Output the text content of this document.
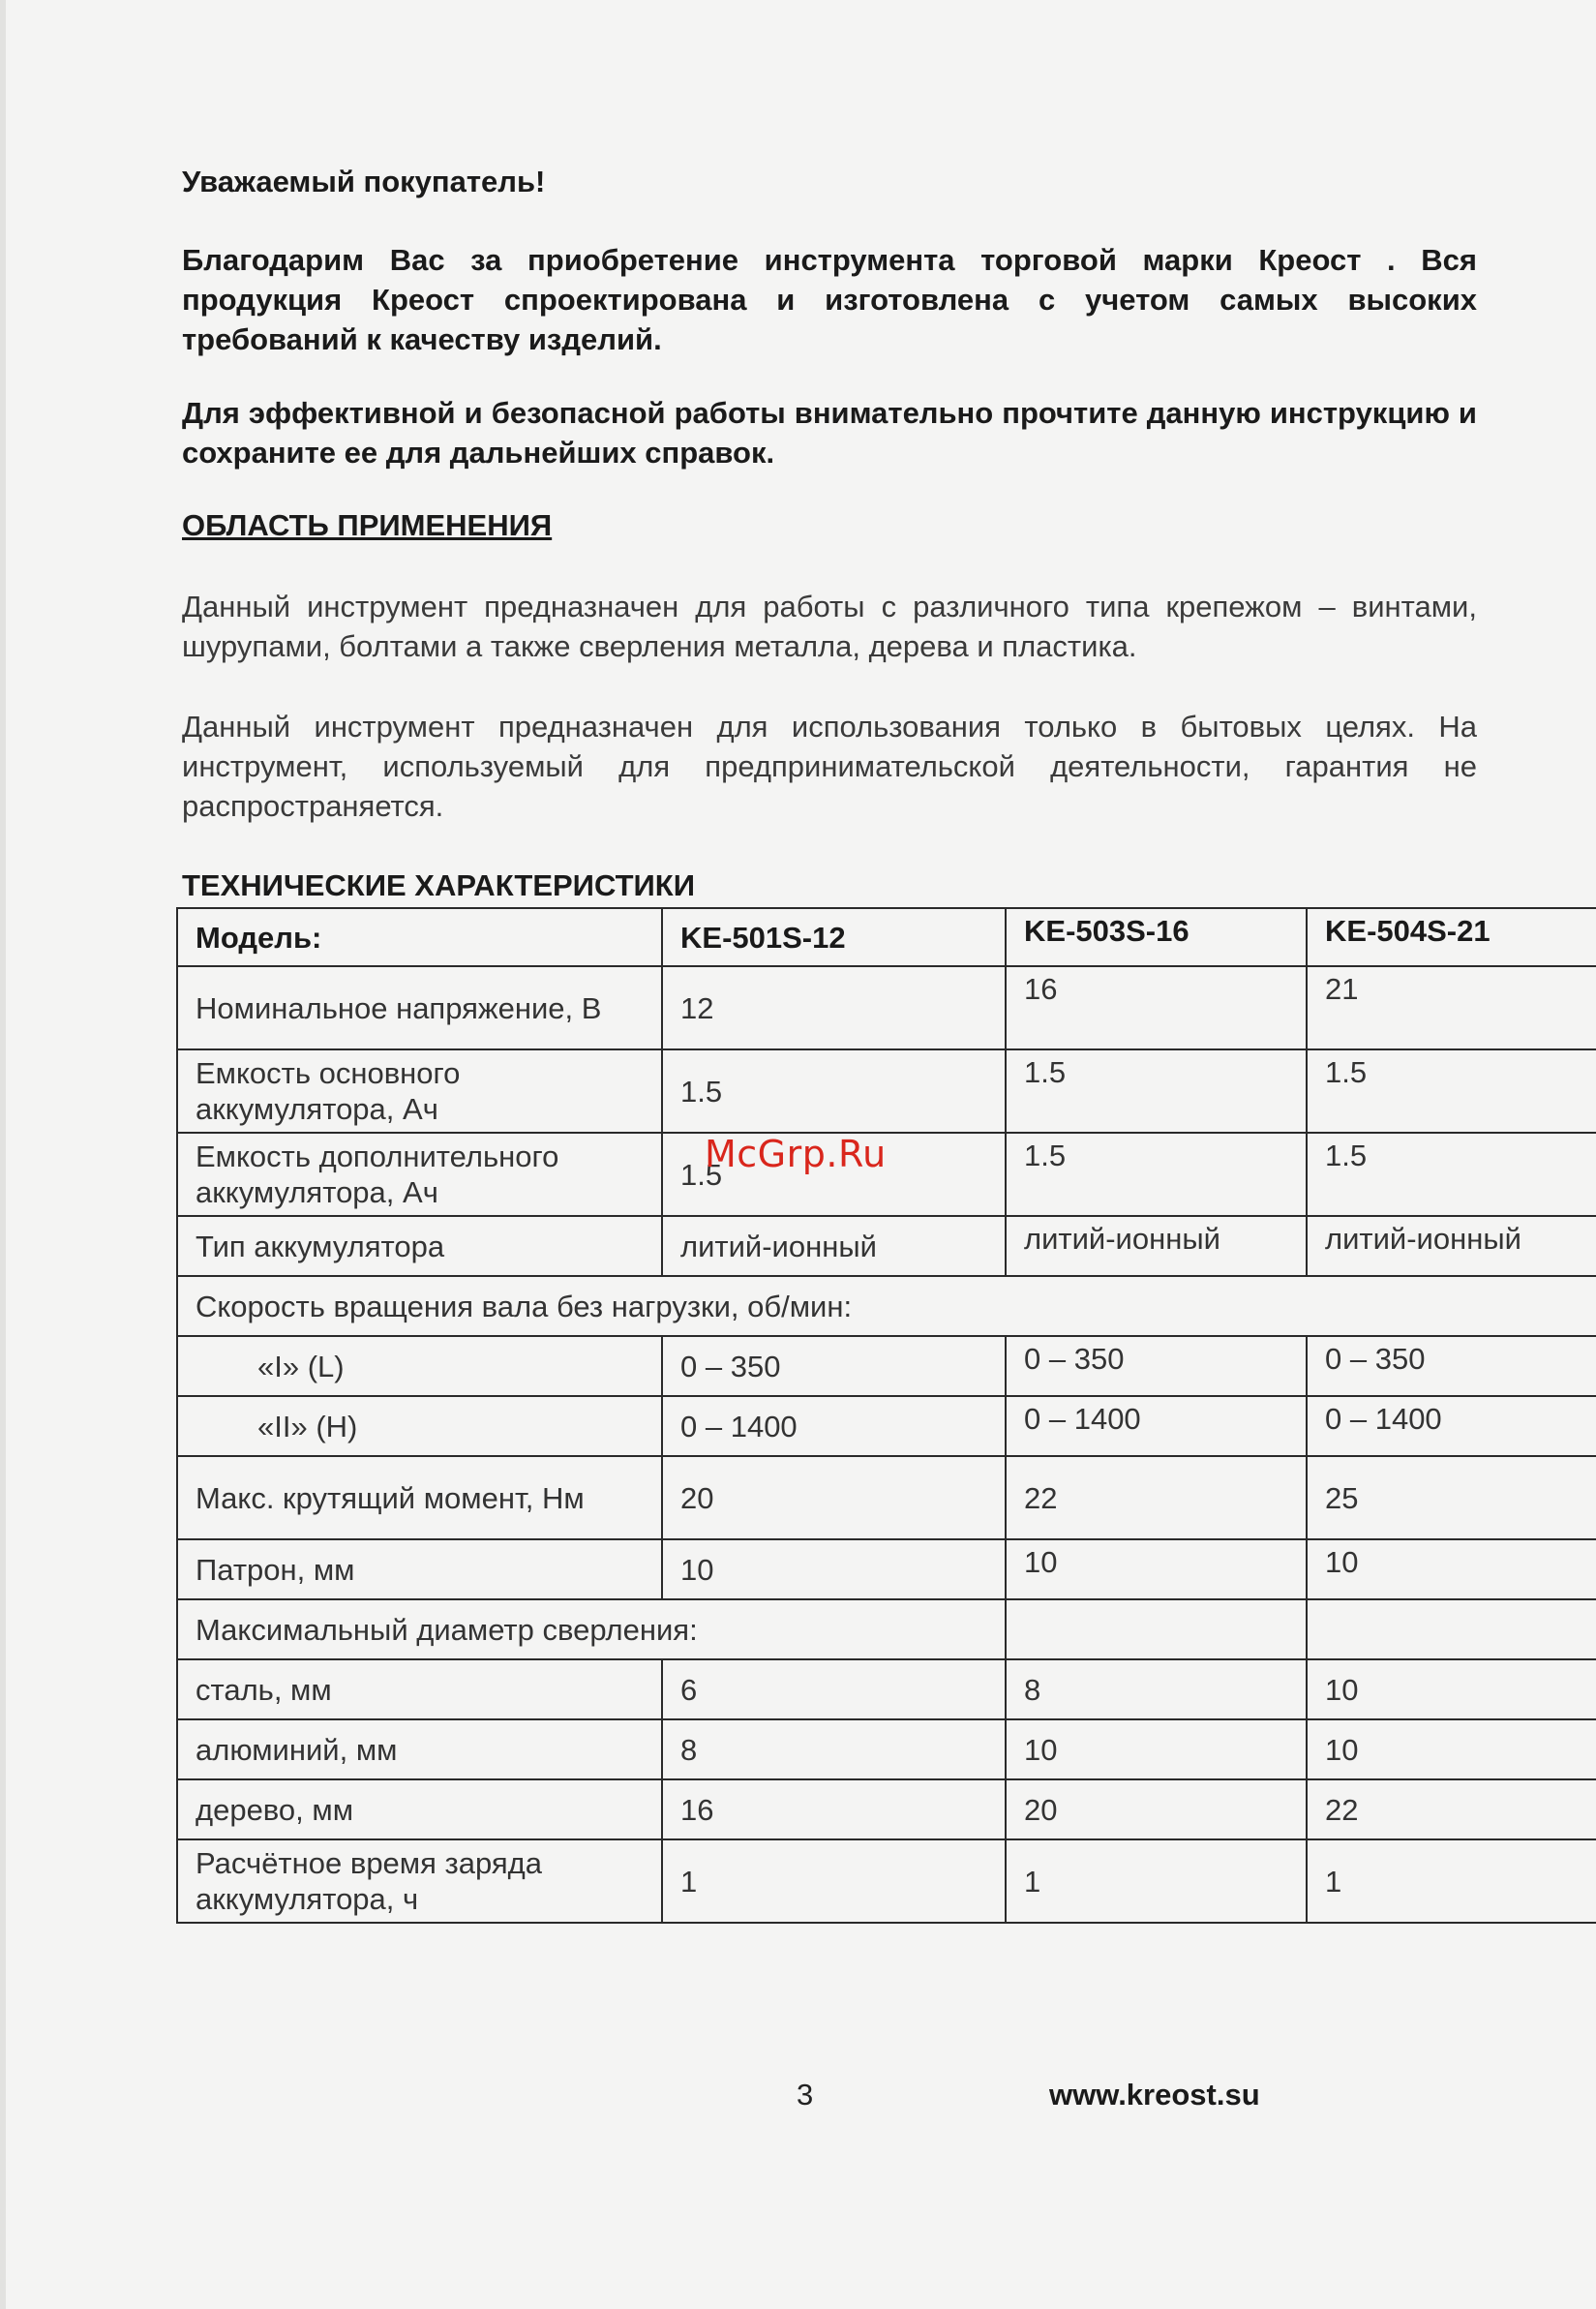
Уважаемый покупатель!

Благодарим Вас за приобретение инструмента торговой марки Креост . Вся продукция Креост спроектирована и изготовлена с учетом самых высоких требований к качеству изделий.

Для эффективной и безопасной работы внимательно прочтите данную инструкцию и сохраните ее для дальнейших справок.

ОБЛАСТЬ ПРИМЕНЕНИЯ

Данный инструмент предназначен для работы с различного типа крепежом – винтами, шурупами, болтами а также сверления металла, дерева и пластика.

Данный инструмент предназначен для использования только в бытовых целях. На инструмент, используемый для предпринимательской деятельности, гарантия не распространяется.

ТЕХНИЧЕСКИЕ ХАРАКТЕРИСТИКИ

Модель:	KE-501S-12	KE-503S-16	KE-504S-21
Номинальное напряжение, В	12	16	21
Емкость основного аккумулятора, Ач	1.5	1.5	1.5
Емкость дополнительного аккумулятора, Ач	1.5	1.5	1.5
Тип аккумулятора	литий-ионный	литий-ионный	литий-ионный
Скорость вращения вала без нагрузки, об/мин:			
«I» (L)	0 – 350	0 – 350	0 – 350
«II» (H)	0 – 1400	0 – 1400	0 – 1400
Макс. крутящий момент, Нм	20	22	25
Патрон, мм	10	10	10
Максимальный диаметр сверления:			
сталь, мм	6	8	10
алюминий, мм	8	10	10
дерево, мм	16	20	22
Расчётное время заряда аккумулятора, ч	1	1	1
McGrp.Ru
3	www.kreost.su
